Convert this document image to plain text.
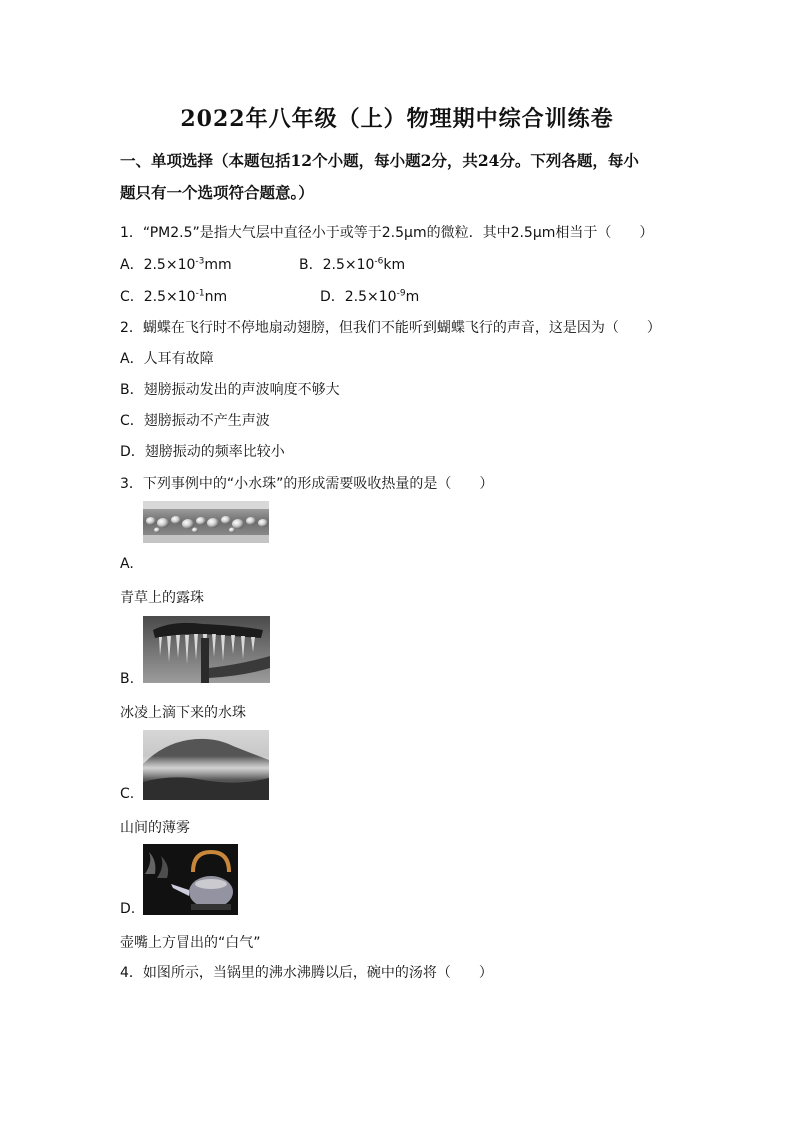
2022年八年级（上）物理期中综合训练卷
一、单项选择（本题包括12个小题，每小题2分，共24分。下列各题，每小
题只有一个选项符合题意。）
1．“PM2.5”是指大气层中直径小于或等于2.5μm的微粒．其中2.5μm相当于（　　）
A．$2.5\times 10^{-3}mm$	B．$2.5\times 10^{-6}km$
C．$2.5\times 10^{-1}nm$	D．$2.5\times 10^{-9}m$
2．蝴蝶在飞行时不停地扇动翅膀，但我们不能听到蝴蝶飞行的声音，这是因为（　　）
A．人耳有故障
B．翅膀振动发出的声波响度不够大
C．翅膀振动不产生声波
D．翅膀振动的频率比较小
3．下列事例中的“小水珠”的形成需要吸收热量的是（　　）
A.
青草上的露珠
B.
冰凌上滴下来的水珠
C.
山间的薄雾
D.
壶嘴上方冒出的“白气”
4．如图所示，当锅里的沸水沸腾以后，碗中的汤将（　　）
